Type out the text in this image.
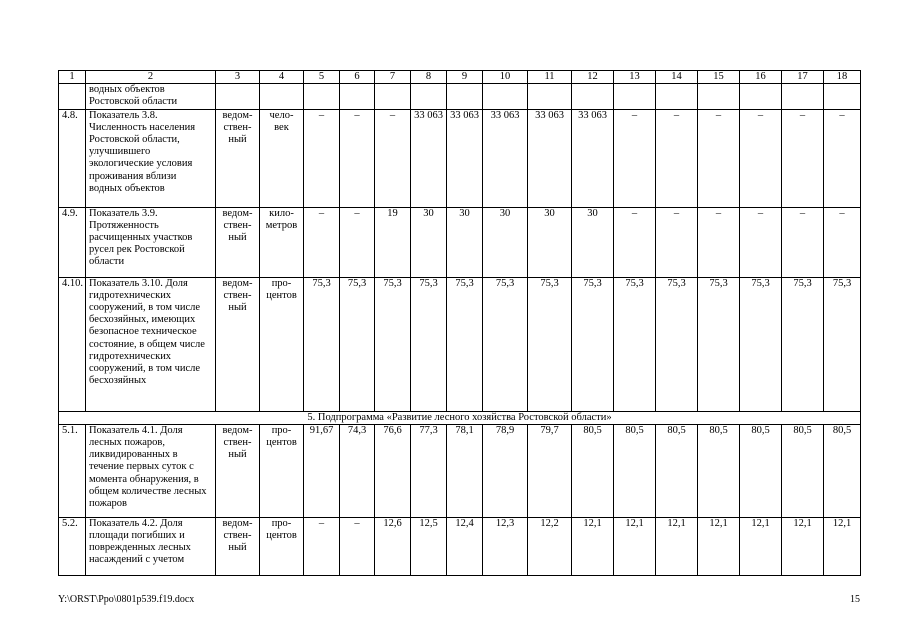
1	2	3	4	5	6	7	8	9	10	11	12	13	14	15	16	17	18
	водных объектов Ростовской области																
4.8.	Показатель 3.8. Численность населения Ростовской области, улучшившего экологические условия проживания вблизи водных объектов	ведом-ствен-ный	чело-век	–	–	–	33 063	33 063	33 063	33 063	33 063	–	–	–	–	–	–
4.9.	Показатель 3.9. Протяженность расчищенных участков русел рек Ростовской области	ведом-ствен-ный	кило-метров	–	–	19	30	30	30	30	30	–	–	–	–	–	–
4.10.	Показатель 3.10. Доля гидротехнических сооружений, в том числе бесхозяйных, имеющих безопасное техническое состояние, в общем числе гидротехнических сооружений, в том числе бесхозяйных	ведом-ствен-ный	про-центов	75,3	75,3	75,3	75,3	75,3	75,3	75,3	75,3	75,3	75,3	75,3	75,3	75,3	75,3
5. Подпрограмма «Развитие лесного хозяйства Ростовской области»																	
5.1.	Показатель 4.1. Доля лесных пожаров, ликвидированных в течение первых суток с момента обнаружения, в общем количестве лесных пожаров	ведом-ствен-ный	про-центов	91,67	74,3	76,6	77,3	78,1	78,9	79,7	80,5	80,5	80,5	80,5	80,5	80,5	80,5
5.2.	Показатель 4.2. Доля площади погибших и поврежденных лесных насаждений с учетом	ведом-ствен-ный	про-центов	–	–	12,6	12,5	12,4	12,3	12,2	12,1	12,1	12,1	12,1	12,1	12,1	12,1
Y:\ORST\Ppo\0801p539.f19.docx	15
